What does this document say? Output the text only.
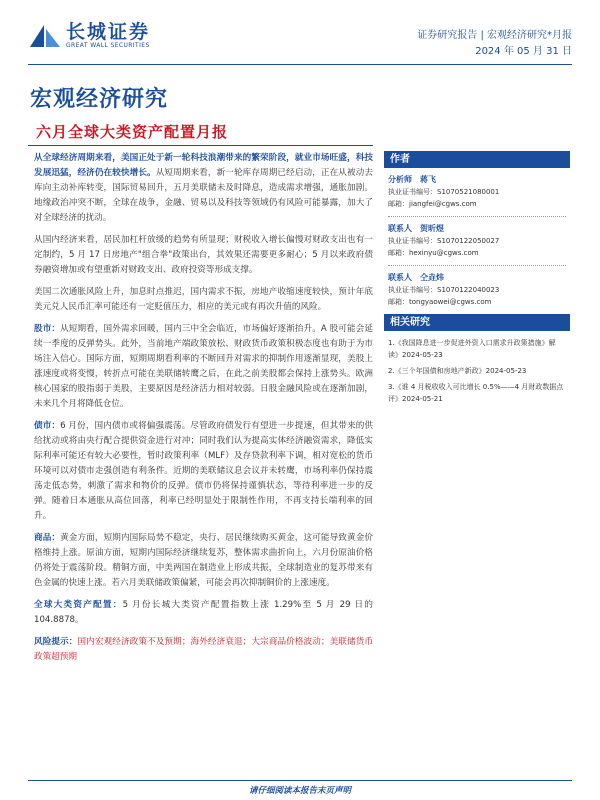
长城证券
GREAT WALL SECURITIES
证券研究报告 | 宏观经济研究*月报
2024 年 05 月 31 日
宏观经济研究
六月全球大类资产配置月报

从全球经济周期来看，美国正处于新一轮科技浪潮带来的繁荣阶段，就业市场旺盛，科技发展迅猛，经济仍在较快增长。从短周期来看，新一轮库存周期已经启动，正在从被动去库向主动补库转变，国际贸易回升，五月美联储未及时降息，造成需求增强，通胀加剧。地缘政治冲突不断，全球在战争，金融、贸易以及科技等领域仍有风险可能暴露，加大了对全球经济的扰动。

从国内经济来看，居民加杠杆放缓的趋势有所显现；财税收入增长偏慢对财政支出也有一定制约，5 月 17 日房地产"组合拳"政策出台，其效果还需要更多耐心；5 月以来政府债券融资增加或有望重新对财政支出、政府投资等形成支撑。

美国二次通胀风险上升，加息时点推迟，国内需求不振，房地产收缩速度较快，预计年底美元兑人民币汇率可能还有一定贬值压力，相应的美元或有再次升值的风险。

股市：从短期看，国外需求回暖，国内三中全会临近，市场偏好逐渐抬升。A 股可能会延续一季度的反弹势头。此外，当前地产端政策放松、财政货币政策积极态度也有助于为市场注入信心。国际方面，短期周期看利率的不断回升对需求的抑制作用逐渐显现，美股上涨速度或将变慢，转折点可能在美联储转鹰之后，在此之前美股都会保持上涨势头。欧洲核心国家的股指弱于美股，主要原因是经济活力相对较弱。日股金融风险或在逐渐加剧，未来几个月将降低仓位。

债市：6 月份，国内债市或将偏强震荡。尽管政府债发行有望进一步提速，但其带来的供给扰动或将由央行配合提供资金进行对冲；同时我们认为提高实体经济融资需求，降低实际利率可能还有较大必要性，暂时政策利率（MLF）及存贷款利率下调，相对宽松的货币环境可以对债市走强创造有利条件。近期的美联储议息会议并未转鹰，市场利率仍保持震荡走低态势，刺激了需求和物价的反弹。债市仍将保持谨慎状态，等待利率进一步的反弹。随着日本通胀从高位回落，利率已经明显处于限制性作用，不再支持长端利率的回升。

商品：黄金方面，短期内国际局势不稳定，央行、居民继续购买黄金，这可能导致黄金价格维持上涨。原油方面，短期内国际经济继续复苏，整体需求曲折向上，六月份原油价格仍将处于震荡阶段。精铜方面，中美两国在制造业上形成共振，全球制造业的复苏带来有色金属的快速上涨。若六月美联储政策偏紧，可能会再次抑制铜价的上涨速度。

全球大类资产配置：5 月份长城大类资产配置指数上涨 1.29%至 5 月 29 日的 104.8878。

风险提示：国内宏观经济政策不及预期；海外经济衰退；大宗商品价格波动；美联储货币政策超预期

作者
分析师 蒋飞
执业证书编号：S1070521080001
邮箱：jiangfei@cgws.com
联系人 贺昕煜
执业证书编号：S1070122050027
邮箱：hexinyu@cgws.com
联系人 仝垚炜
执业证书编号：S1070122040023
邮箱：tongyaowei@cgws.com
相关研究
1.《我国降息进一步促进外资入口需求升政策措施》解读》2024-05-23
2.《三个年国债和房地产新政》2024-05-23
3.《谁 4 月税收收入可比增长 0.5%——4 月财政数据点评》2024-05-21
请仔细阅读本报告末页声明
